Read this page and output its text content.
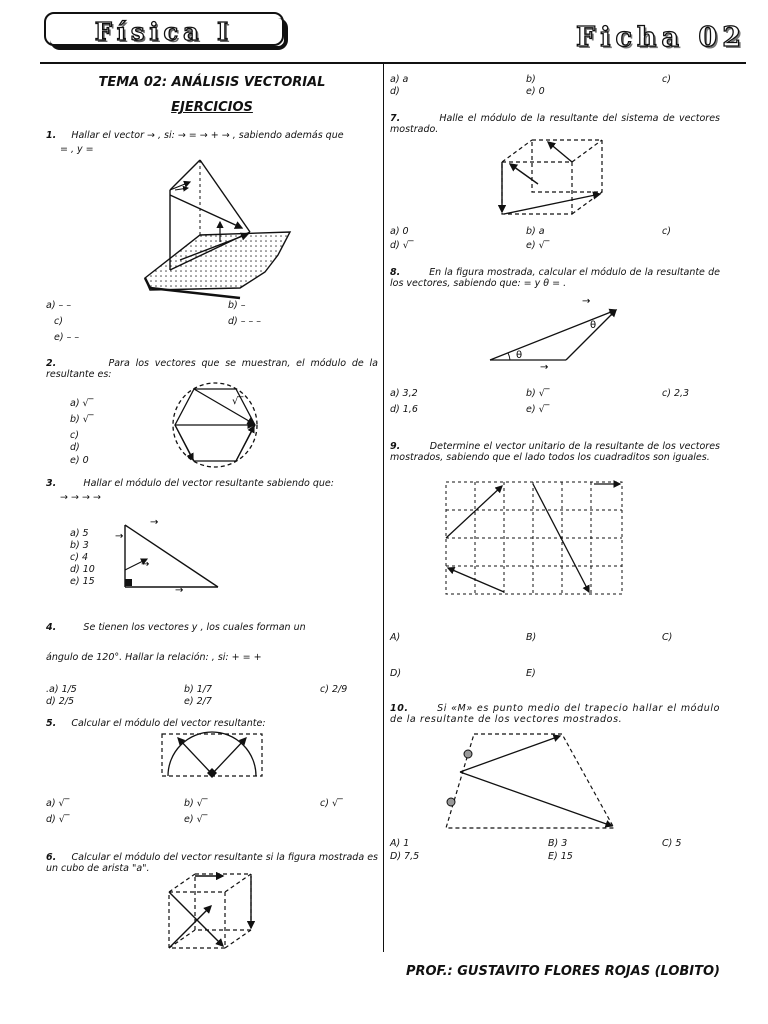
Física I	Ficha 02
TEMA 02: ANÁLISIS VECTORIAL
EJERCICIOS
1. Hallar el vector → , si: → = → + → , sabiendo además que
= , y =
a) – –	b) –
c)	d) – – –
e) – –
2.	Para los vectores que se muestran, el módulo de la resultante es:
a) √‾
b) √‾
c)
d)
e) 0
√‾
3.	Hallar el módulo del vector resultante sabiendo que:
→ → → →
a) 5
b) 3
c) 4
d) 10
e) 15
→
→
→
→
4.	Se tienen los vectores y , los cuales forman un
ángulo de 120°. Hallar la relación: , si: + = +
.a) 1/5	b) 1/7	c) 2/9
d) 2/5	e) 2/7
5. Calcular el módulo del vector resultante:
a) √‾	b) √‾	c) √‾
d) √‾	e) √‾
6. Calcular el módulo del vector resultante si la figura mostrada es un cubo de arista "a".
a) a	b)	c)
d)	e) 0
7.	Halle el módulo de la resultante del sistema de vectores mostrado.
a) 0	b) a	c)
d) √‾	e) √‾
8.	En la figura mostrada, calcular el módulo de la resultante de los vectores, sabiendo que: = y θ = .
θ
θ
→
→
a) 3,2	b) √‾	c) 2,3
d) 1,6	e) √‾
9.	Determine el vector unitario de la resultante de los vectores mostrados, sabiendo que el lado todos los cuadraditos son iguales.
A)	B)	C)
D)	E)
10.	Si «M» es punto medio del trapecio hallar el módulo de la resultante de los vectores mostrados.
A) 1	B) 3	C) 5
D) 7,5	E) 15
PROF.: GUSTAVITO FLORES ROJAS (LOBITO)
